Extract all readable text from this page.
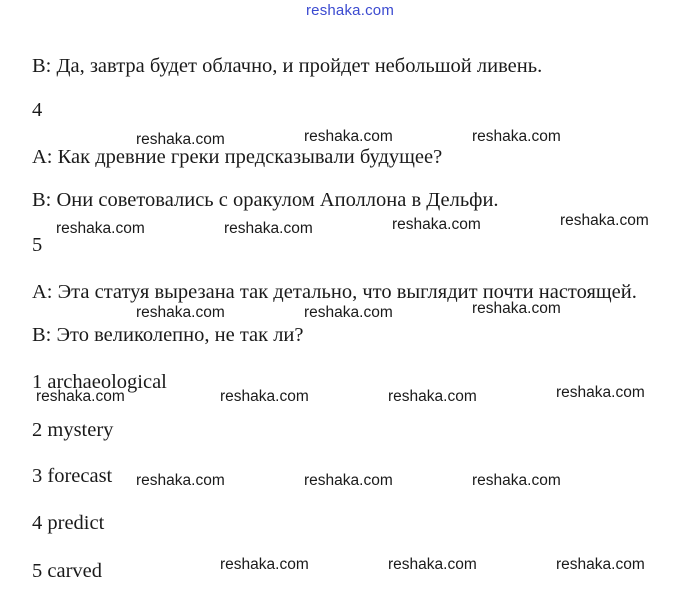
reshaka.com
B: Да, завтра будет облачно, и пройдет небольшой ливень.
4
A: Как древние греки предсказывали будущее?
B: Они советовались с оракулом Аполлона в Дельфи.
5
A: Эта статуя вырезана так детально, что выглядит почти настоящей.
B: Это великолепно, не так ли?
1 archaeological
2 mystery
3 forecast
4 predict
5 carved
reshaka.com	reshaka.com	reshaka.com
reshaka.com	reshaka.com	reshaka.com	reshaka.com
reshaka.com	reshaka.com	reshaka.com
reshaka.com	reshaka.com	reshaka.com	reshaka.com
reshaka.com	reshaka.com	reshaka.com
reshaka.com	reshaka.com	reshaka.com
